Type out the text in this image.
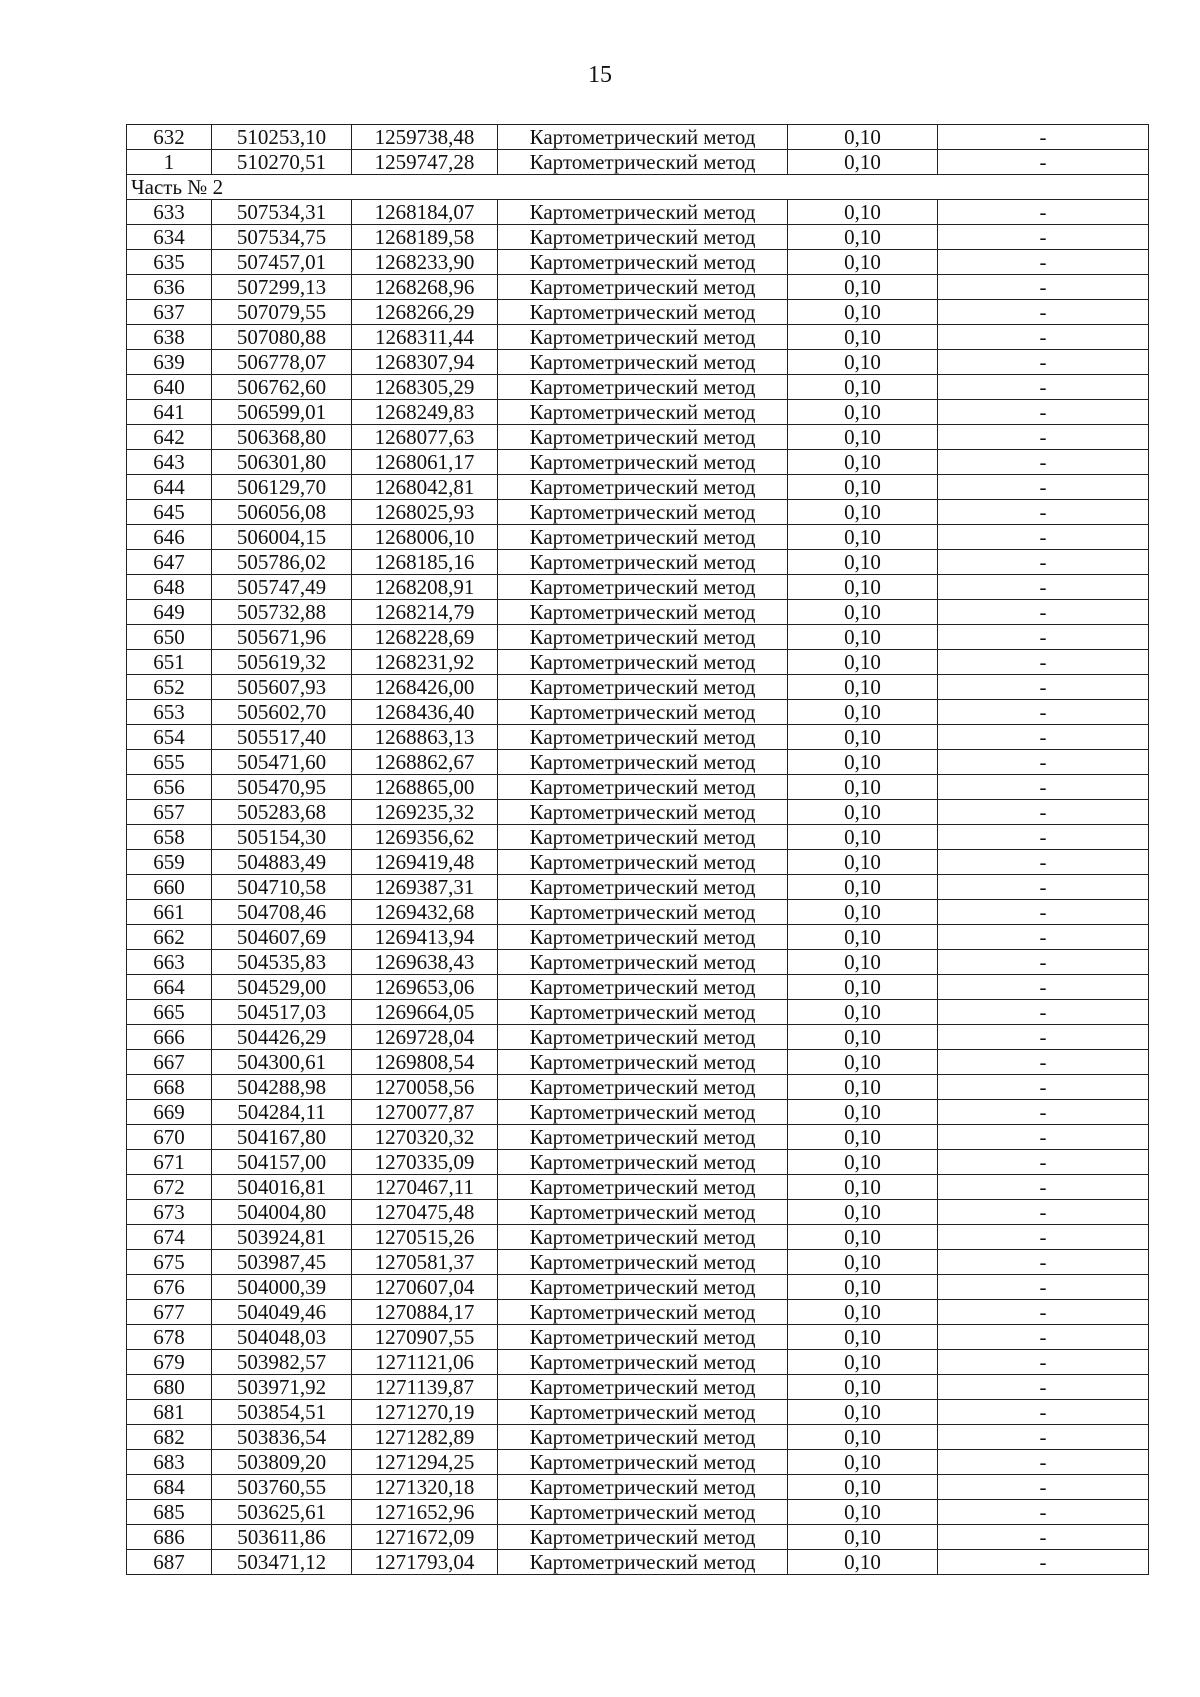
15
632	510253,10	1259738,48	Картометрический метод	0,10	-
1	510270,51	1259747,28	Картометрический метод	0,10	-
Часть № 2					
633	507534,31	1268184,07	Картометрический метод	0,10	-
634	507534,75	1268189,58	Картометрический метод	0,10	-
635	507457,01	1268233,90	Картометрический метод	0,10	-
636	507299,13	1268268,96	Картометрический метод	0,10	-
637	507079,55	1268266,29	Картометрический метод	0,10	-
638	507080,88	1268311,44	Картометрический метод	0,10	-
639	506778,07	1268307,94	Картометрический метод	0,10	-
640	506762,60	1268305,29	Картометрический метод	0,10	-
641	506599,01	1268249,83	Картометрический метод	0,10	-
642	506368,80	1268077,63	Картометрический метод	0,10	-
643	506301,80	1268061,17	Картометрический метод	0,10	-
644	506129,70	1268042,81	Картометрический метод	0,10	-
645	506056,08	1268025,93	Картометрический метод	0,10	-
646	506004,15	1268006,10	Картометрический метод	0,10	-
647	505786,02	1268185,16	Картометрический метод	0,10	-
648	505747,49	1268208,91	Картометрический метод	0,10	-
649	505732,88	1268214,79	Картометрический метод	0,10	-
650	505671,96	1268228,69	Картометрический метод	0,10	-
651	505619,32	1268231,92	Картометрический метод	0,10	-
652	505607,93	1268426,00	Картометрический метод	0,10	-
653	505602,70	1268436,40	Картометрический метод	0,10	-
654	505517,40	1268863,13	Картометрический метод	0,10	-
655	505471,60	1268862,67	Картометрический метод	0,10	-
656	505470,95	1268865,00	Картометрический метод	0,10	-
657	505283,68	1269235,32	Картометрический метод	0,10	-
658	505154,30	1269356,62	Картометрический метод	0,10	-
659	504883,49	1269419,48	Картометрический метод	0,10	-
660	504710,58	1269387,31	Картометрический метод	0,10	-
661	504708,46	1269432,68	Картометрический метод	0,10	-
662	504607,69	1269413,94	Картометрический метод	0,10	-
663	504535,83	1269638,43	Картометрический метод	0,10	-
664	504529,00	1269653,06	Картометрический метод	0,10	-
665	504517,03	1269664,05	Картометрический метод	0,10	-
666	504426,29	1269728,04	Картометрический метод	0,10	-
667	504300,61	1269808,54	Картометрический метод	0,10	-
668	504288,98	1270058,56	Картометрический метод	0,10	-
669	504284,11	1270077,87	Картометрический метод	0,10	-
670	504167,80	1270320,32	Картометрический метод	0,10	-
671	504157,00	1270335,09	Картометрический метод	0,10	-
672	504016,81	1270467,11	Картометрический метод	0,10	-
673	504004,80	1270475,48	Картометрический метод	0,10	-
674	503924,81	1270515,26	Картометрический метод	0,10	-
675	503987,45	1270581,37	Картометрический метод	0,10	-
676	504000,39	1270607,04	Картометрический метод	0,10	-
677	504049,46	1270884,17	Картометрический метод	0,10	-
678	504048,03	1270907,55	Картометрический метод	0,10	-
679	503982,57	1271121,06	Картометрический метод	0,10	-
680	503971,92	1271139,87	Картометрический метод	0,10	-
681	503854,51	1271270,19	Картометрический метод	0,10	-
682	503836,54	1271282,89	Картометрический метод	0,10	-
683	503809,20	1271294,25	Картометрический метод	0,10	-
684	503760,55	1271320,18	Картометрический метод	0,10	-
685	503625,61	1271652,96	Картометрический метод	0,10	-
686	503611,86	1271672,09	Картометрический метод	0,10	-
687	503471,12	1271793,04	Картометрический метод	0,10	-
